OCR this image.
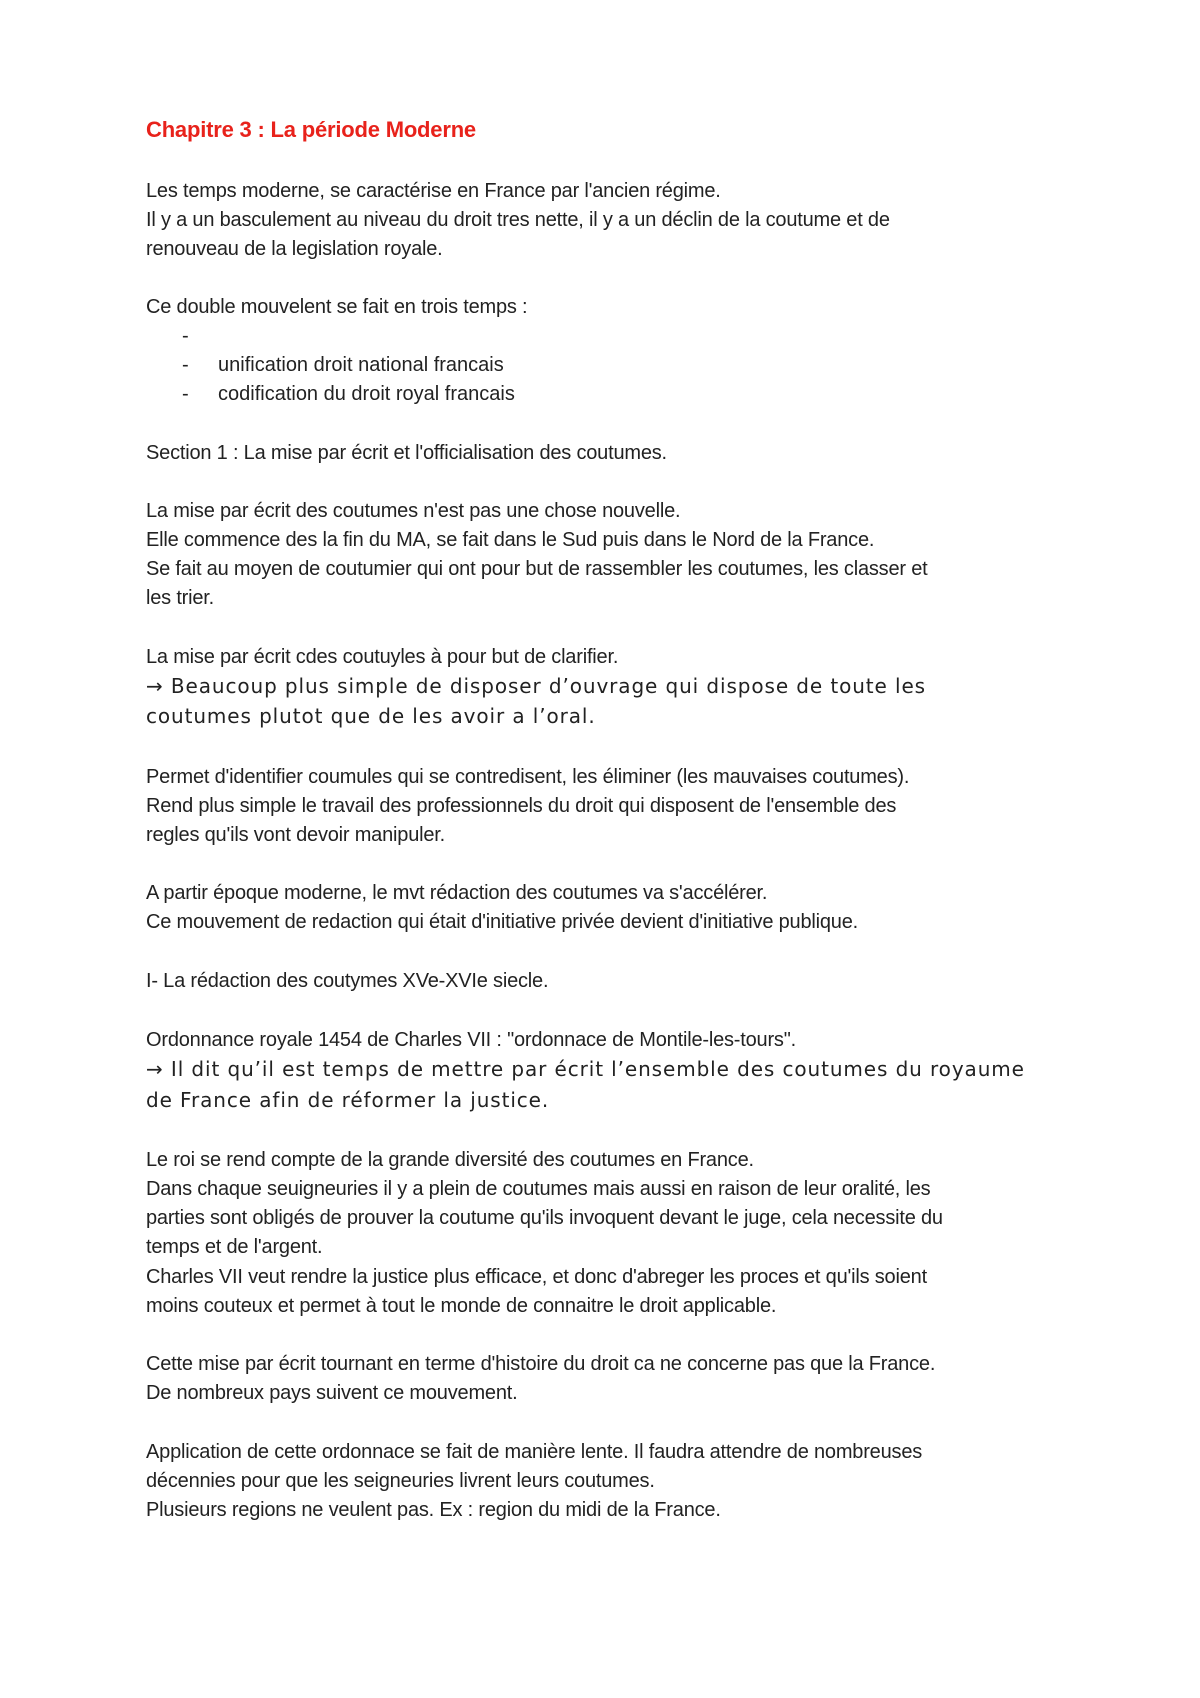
Chapitre 3 : La période Moderne
Les temps moderne, se caractérise en France par l'ancien régime.
Il y a un basculement au niveau du droit tres nette, il y a un déclin de la coutume et de
renouveau de la legislation royale.
Ce double mouvelent se fait en trois temps :
-
- unification droit national francais
- codification du droit royal francais
Section 1 : La mise par écrit et l'officialisation des coutumes.
La mise par écrit des coutumes n'est pas une chose nouvelle.
Elle commence des la fin du MA, se fait dans le Sud puis dans le Nord de la France.
Se fait au moyen de coutumier qui ont pour but de rassembler les coutumes, les classer et
les trier.
La mise par écrit cdes coutuyles à pour but de clarifier.
→ Beaucoup plus simple de disposer d’ouvrage qui dispose de toute les
coutumes plutot que de les avoir a l’oral.
Permet d'identifier coumules qui se contredisent, les éliminer (les mauvaises coutumes).
Rend plus simple le travail des professionnels du droit qui disposent de l'ensemble des
regles qu'ils vont devoir manipuler.
A partir époque moderne, le mvt rédaction des coutumes va s'accélérer.
Ce mouvement de redaction qui était d'initiative privée devient d'initiative publique.
I- La rédaction des coutymes XVe-XVIe siecle.
Ordonnance royale 1454 de Charles VII : "ordonnace de Montile-les-tours".
→ Il dit qu’il est temps de mettre par écrit l’ensemble des coutumes du royaume
de France afin de réformer la justice.
Le roi se rend compte de la grande diversité des coutumes en France.
Dans chaque seuigneuries il y a plein de coutumes mais aussi en raison de leur oralité, les
parties sont obligés de prouver la coutume qu'ils invoquent devant le juge, cela necessite du
temps et de l'argent.
Charles VII veut rendre la justice plus efficace, et donc d'abreger les proces et qu'ils soient
moins couteux et permet à tout le monde de connaitre le droit applicable.
Cette mise par écrit tournant en terme d'histoire du droit ca ne concerne pas que la France.
De nombreux pays suivent ce mouvement.
Application de cette ordonnace se fait de manière lente. Il faudra attendre de nombreuses
décennies pour que les seigneuries livrent leurs coutumes.
Plusieurs regions ne veulent pas. Ex : region du midi de la France.
